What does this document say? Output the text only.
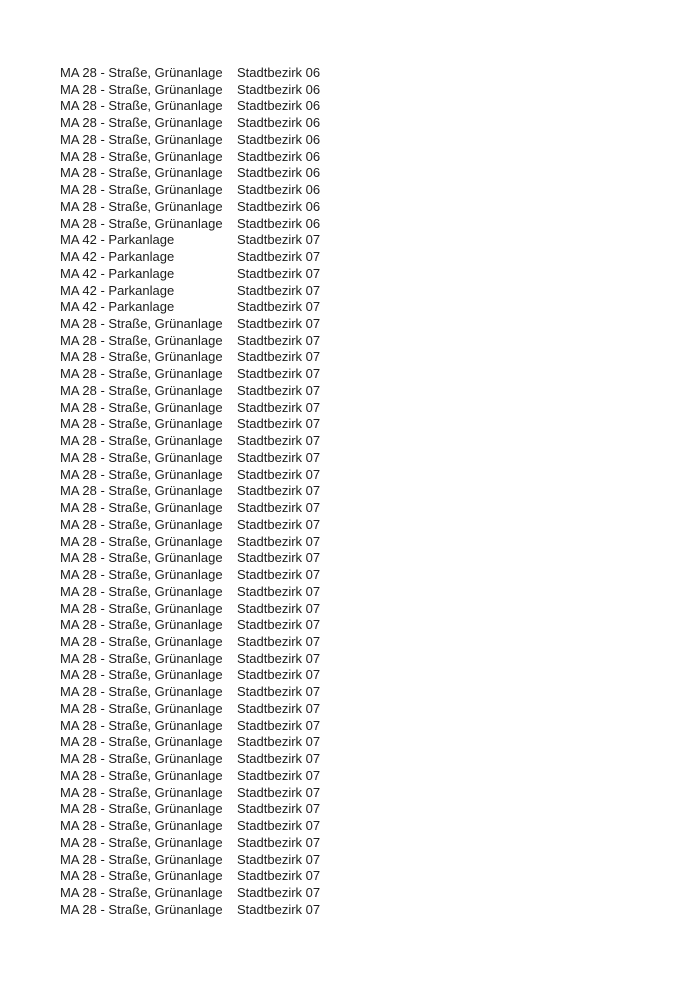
MA 28 - Straße, Grünanlage	Stadtbezirk 06
MA 28 - Straße, Grünanlage	Stadtbezirk 06
MA 28 - Straße, Grünanlage	Stadtbezirk 06
MA 28 - Straße, Grünanlage	Stadtbezirk 06
MA 28 - Straße, Grünanlage	Stadtbezirk 06
MA 28 - Straße, Grünanlage	Stadtbezirk 06
MA 28 - Straße, Grünanlage	Stadtbezirk 06
MA 28 - Straße, Grünanlage	Stadtbezirk 06
MA 28 - Straße, Grünanlage	Stadtbezirk 06
MA 28 - Straße, Grünanlage	Stadtbezirk 06
MA 42 - Parkanlage	Stadtbezirk 07
MA 42 - Parkanlage	Stadtbezirk 07
MA 42 - Parkanlage	Stadtbezirk 07
MA 42 - Parkanlage	Stadtbezirk 07
MA 42 - Parkanlage	Stadtbezirk 07
MA 28 - Straße, Grünanlage	Stadtbezirk 07
MA 28 - Straße, Grünanlage	Stadtbezirk 07
MA 28 - Straße, Grünanlage	Stadtbezirk 07
MA 28 - Straße, Grünanlage	Stadtbezirk 07
MA 28 - Straße, Grünanlage	Stadtbezirk 07
MA 28 - Straße, Grünanlage	Stadtbezirk 07
MA 28 - Straße, Grünanlage	Stadtbezirk 07
MA 28 - Straße, Grünanlage	Stadtbezirk 07
MA 28 - Straße, Grünanlage	Stadtbezirk 07
MA 28 - Straße, Grünanlage	Stadtbezirk 07
MA 28 - Straße, Grünanlage	Stadtbezirk 07
MA 28 - Straße, Grünanlage	Stadtbezirk 07
MA 28 - Straße, Grünanlage	Stadtbezirk 07
MA 28 - Straße, Grünanlage	Stadtbezirk 07
MA 28 - Straße, Grünanlage	Stadtbezirk 07
MA 28 - Straße, Grünanlage	Stadtbezirk 07
MA 28 - Straße, Grünanlage	Stadtbezirk 07
MA 28 - Straße, Grünanlage	Stadtbezirk 07
MA 28 - Straße, Grünanlage	Stadtbezirk 07
MA 28 - Straße, Grünanlage	Stadtbezirk 07
MA 28 - Straße, Grünanlage	Stadtbezirk 07
MA 28 - Straße, Grünanlage	Stadtbezirk 07
MA 28 - Straße, Grünanlage	Stadtbezirk 07
MA 28 - Straße, Grünanlage	Stadtbezirk 07
MA 28 - Straße, Grünanlage	Stadtbezirk 07
MA 28 - Straße, Grünanlage	Stadtbezirk 07
MA 28 - Straße, Grünanlage	Stadtbezirk 07
MA 28 - Straße, Grünanlage	Stadtbezirk 07
MA 28 - Straße, Grünanlage	Stadtbezirk 07
MA 28 - Straße, Grünanlage	Stadtbezirk 07
MA 28 - Straße, Grünanlage	Stadtbezirk 07
MA 28 - Straße, Grünanlage	Stadtbezirk 07
MA 28 - Straße, Grünanlage	Stadtbezirk 07
MA 28 - Straße, Grünanlage	Stadtbezirk 07
MA 28 - Straße, Grünanlage	Stadtbezirk 07
MA 28 - Straße, Grünanlage	Stadtbezirk 07
